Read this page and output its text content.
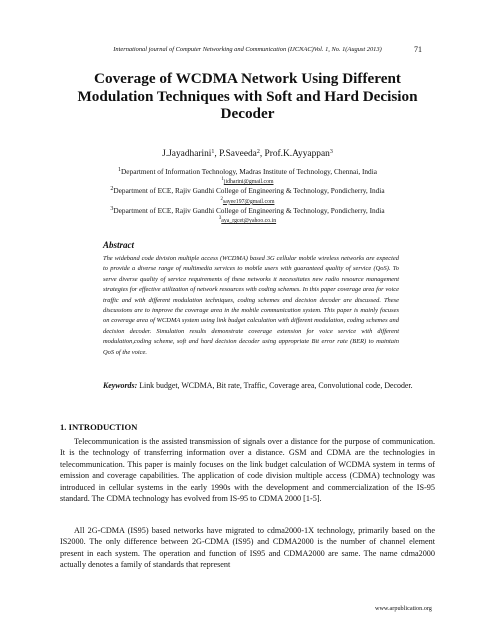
International journal of Computer Networking and Communication (IJCNAC)Vol. 1, No. 1(August 2013)	71
Coverage of WCDMA Network Using Different Modulation Techniques with Soft and Hard Decision Decoder
J.Jayadharini$^1$, P.Saveeda$^2$, Prof.K.Ayyappan$^3$
$^1$Department of Information Technology, Madras Institute of Technology, Chennai, India
$^1$jidharini@gmail.com
$^2$Department of ECE, Rajiv Gandhi College of Engineering & Technology, Pondicherry, India
$^2$sayee197@gmail.com
$^3$Department of ECE, Rajiv Gandhi College of Engineering & Technology, Pondicherry, India
$^3$aya_rgcet@yahoo.co.in
Abstract

The wideband code division multiple access (WCDMA) based 3G cellular mobile wireless networks are expected to provide a diverse range of multimedia services to mobile users with guaranteed quality of service (QoS). To serve diverse quality of service requirements of these networks it necessitates new radio resource management strategies for effective utilization of network resources with coding schemes. In this paper coverage area for voice traffic and with different modulation techniques, coding schemes and decision decoder are discussed. These discussions are to improve the coverage area in the mobile communication system. This paper is mainly focuses on coverage area of WCDMA system using link budget calculation with different modulation, coding schemes and decision decoder. Simulation results demonstrate coverage extension for voice service with different modulation,coding scheme, soft and hard decision decoder using appropriate Bit error rate (BER) to maintain QoS of the voice.

Keywords: Link budget, WCDMA, Bit rate, Traffic, Coverage area, Convolutional code, Decoder.

1. INTRODUCTION

Telecommunication is the assisted transmission of signals over a distance for the purpose of communication. It is the technology of transferring information over a distance. GSM and CDMA are the technologies in telecommunication. This paper is mainly focuses on the link budget calculation of WCDMA system in terms of emission and coverage capabilities. The application of code division multiple access (CDMA) technology was introduced in cellular systems in the early 1990s with the development and commercialization of the IS-95 standard. The CDMA technology has evolved from IS-95 to CDMA 2000 [1-5].

All 2G-CDMA (IS95) based networks have migrated to cdma2000-1X technology, primarily based on the IS2000. The only difference between 2G-CDMA (IS95) and CDMA2000 is the number of channel element present in each system. The operation and function of IS95 and CDMA2000 are same. The name cdma2000 actually denotes a family of standards that represent

www.arpublication.org
